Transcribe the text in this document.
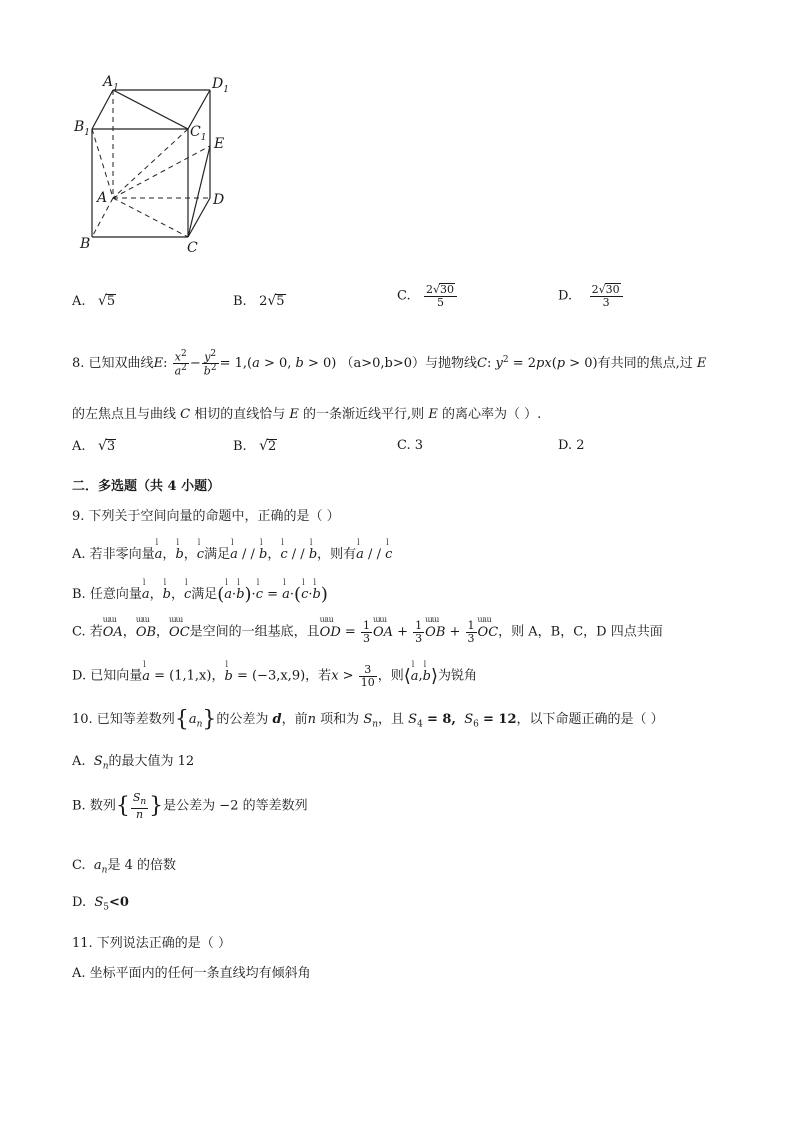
$A_1$	$D_1$
$B_1$	$C_1$ E
A	D
B	C
A. √5	B. 2√5	C. $\frac{2√30}{5}$	D. $\frac{2√30}{3}$
8. 已知双曲线E: $\frac{x^2}{a^2} - \frac{y^2}{b^2} = 1,(a > 0$, b > 0) （a>0,b>0）与抛物线C: $y^2 = 2px(p > 0)$有共同的焦点,过 E
的左焦点且与曲线 C 相切的直线恰与 E 的一条渐近线平行,则 E 的离心率为（ ）.
A. √3	B. √2	C. 3	D. 2
二．多选题（共 4 小题）
9. 下列关于空间向量的命题中，正确的是（ ）
A. 若非零向量ⅼ a，ⅼ b，ⅼ c满足ⅼ a / / ⅼ b，ⅼ c / / ⅼ b，则有ⅼ a / / ⅼ c
B. 任意向量ⅼ a，ⅼ b，ⅼ c满足(ⅼ a·ⅼ b)·ⅼ c = ⅼ a·(ⅼ c·ⅼ b)
C. 若ɯɯ OA，ɯɯ OB，ɯɯ OC是空间的一组基底，且ɯɯ OD = $\frac{1}{3}$ ɯɯ OA + $\frac{1}{3}$ ɯɯ OB + $\frac{1}{3}$ ɯɯ OC，则 A，B，C，D 四点共面
D. 已知向量ⅼ a = (1,1,x)，ⅼ b = (−3,x,9)，若$x > \frac{3}{10}$ ，则⟨ⅼ a,ⅼ b⟩为锐角
10. 已知等差数列$\{a_n\}$的公差为 d，前n 项和为 $S_n$，且 $S_4 = 8$, $S_6 = 12$，以下命题正确的是（ ）
A. $S_n$的最大值为 12
B. 数列{ $\frac{S_n}{n}$ }是公差为 −2 的等差数列
C. $a_n$是 4 的倍数
D. $S_5<0$
11. 下列说法正确的是（ ）
A. 坐标平面内的任何一条直线均有倾斜角
